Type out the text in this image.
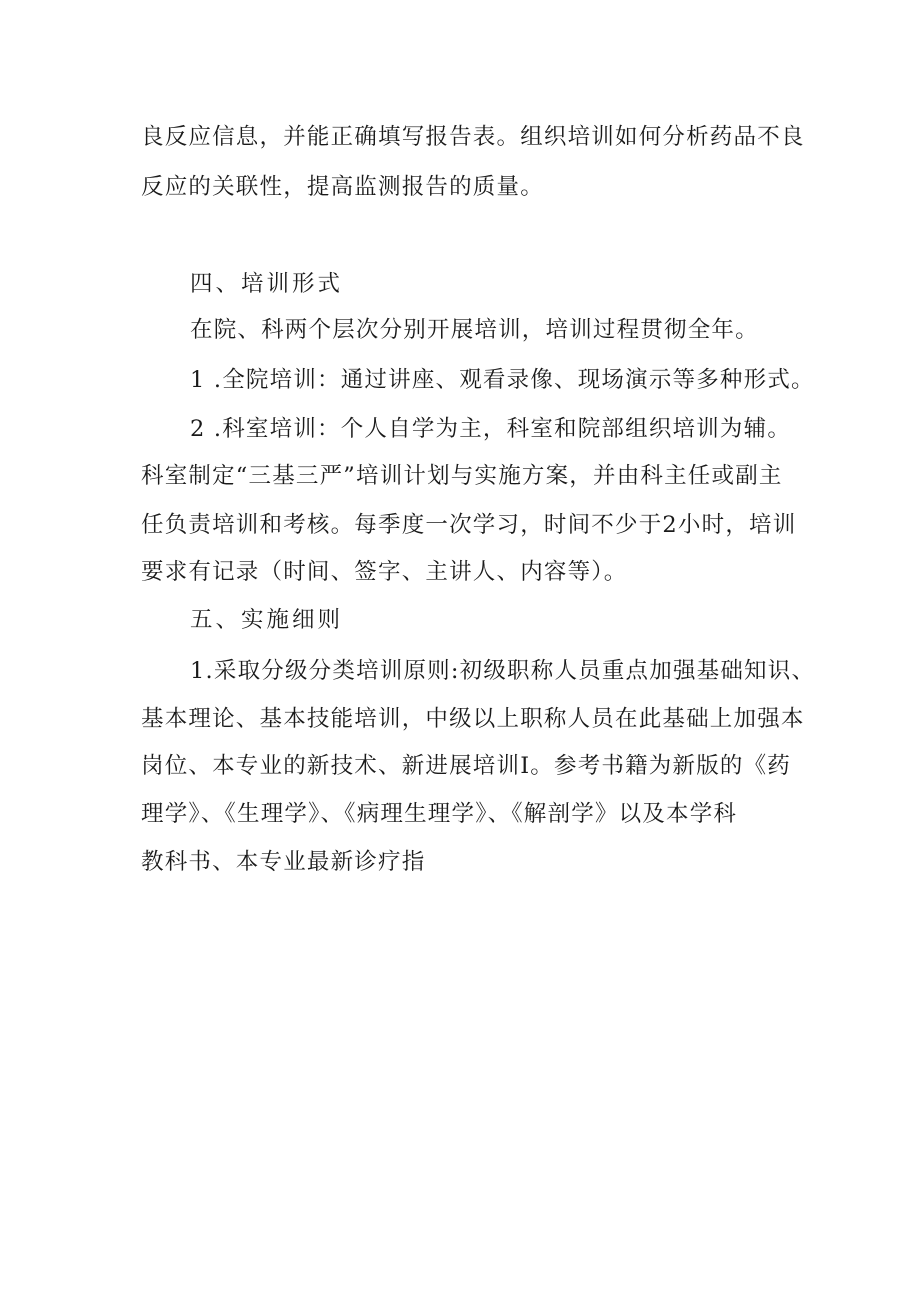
良反应信息，并能正确填写报告表。组织培训如何分析药品不良
反应的关联性，提高监测报告的质量。
四、培训形式
在院、科两个层次分别开展培训，培训过程贯彻全年。
1 .全院培训：通过讲座、观看录像、现场演示等多种形式。
2 .科室培训：个人自学为主，科室和院部组织培训为辅。
科室制定“三基三严”培训计划与实施方案，并由科主任或副主
任负责培训和考核。每季度一次学习，时间不少于2小时，培训
要求有记录（时间、签字、主讲人、内容等）。
五、实施细则
1.采取分级分类培训原则:初级职称人员重点加强基础知识、
基本理论、基本技能培训，中级以上职称人员在此基础上加强本
岗位、本专业的新技术、新进展培训I。参考书籍为新版的《药
理学》、《生理学》、《病理生理学》、《解剖学》以及本学科
教科书、本专业最新诊疗指
